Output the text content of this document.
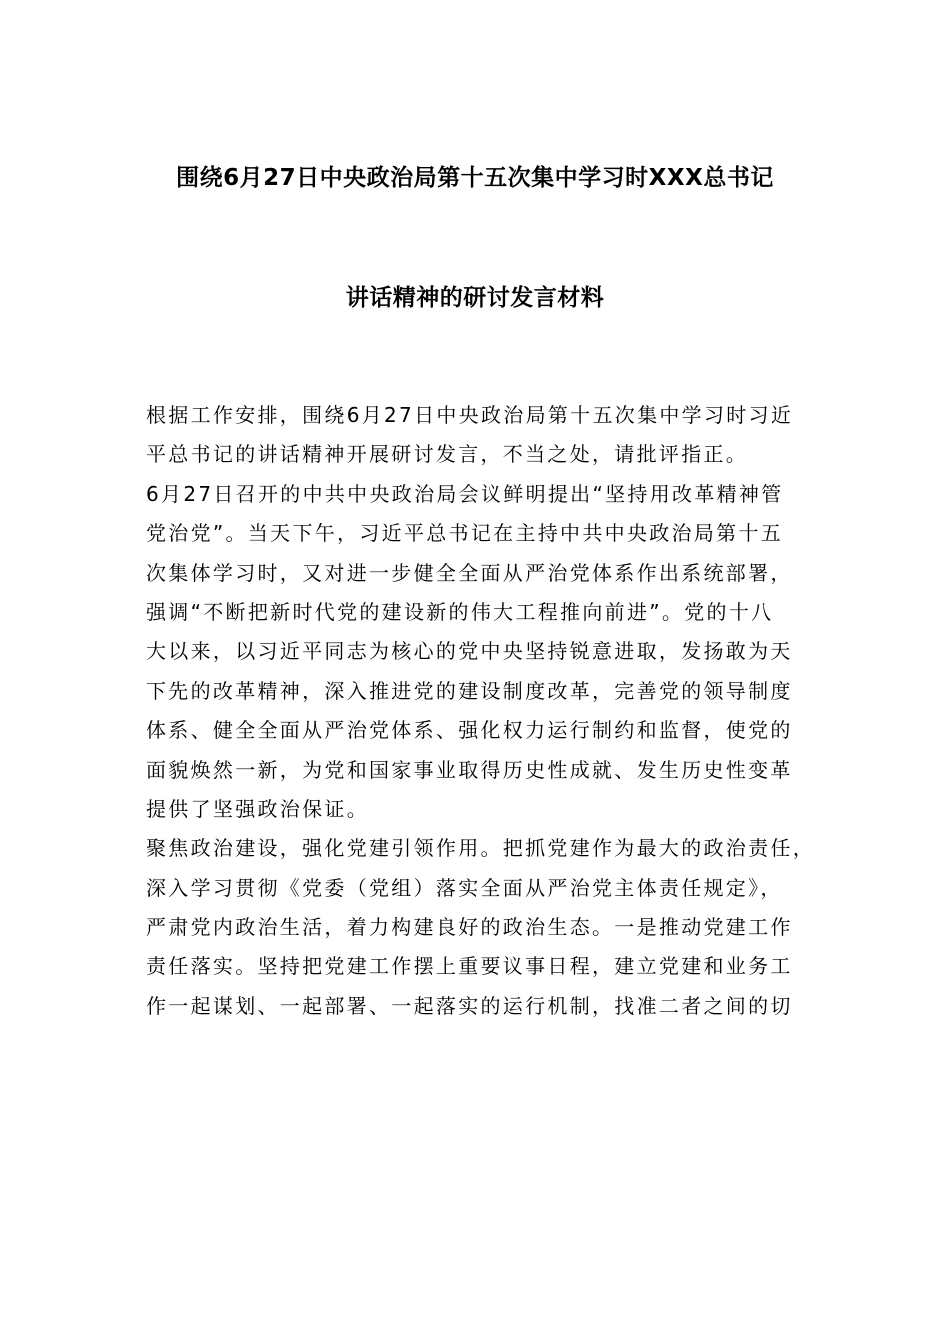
围绕6月27日中央政治局第十五次集中学习时XXX总书记
讲话精神的研讨发言材料
根据工作安排，围绕6月27日中央政治局第十五次集中学习时习近
平总书记的讲话精神开展研讨发言，不当之处，请批评指正。
6月27日召开的中共中央政治局会议鲜明提出“坚持用改革精神管
党治党”。当天下午，习近平总书记在主持中共中央政治局第十五
次集体学习时，又对进一步健全全面从严治党体系作出系统部署，
强调“不断把新时代党的建设新的伟大工程推向前进”。党的十八
大以来，以习近平同志为核心的党中央坚持锐意进取，发扬敢为天
下先的改革精神，深入推进党的建设制度改革，完善党的领导制度
体系、健全全面从严治党体系、强化权力运行制约和监督，使党的
面貌焕然一新，为党和国家事业取得历史性成就、发生历史性变革
提供了坚强政治保证。
聚焦政治建设，强化党建引领作用。把抓党建作为最大的政治责任，
深入学习贯彻《党委（党组）落实全面从严治党主体责任规定》，
严肃党内政治生活，着力构建良好的政治生态。一是推动党建工作
责任落实。坚持把党建工作摆上重要议事日程，建立党建和业务工
作一起谋划、一起部署、一起落实的运行机制，找准二者之间的切
